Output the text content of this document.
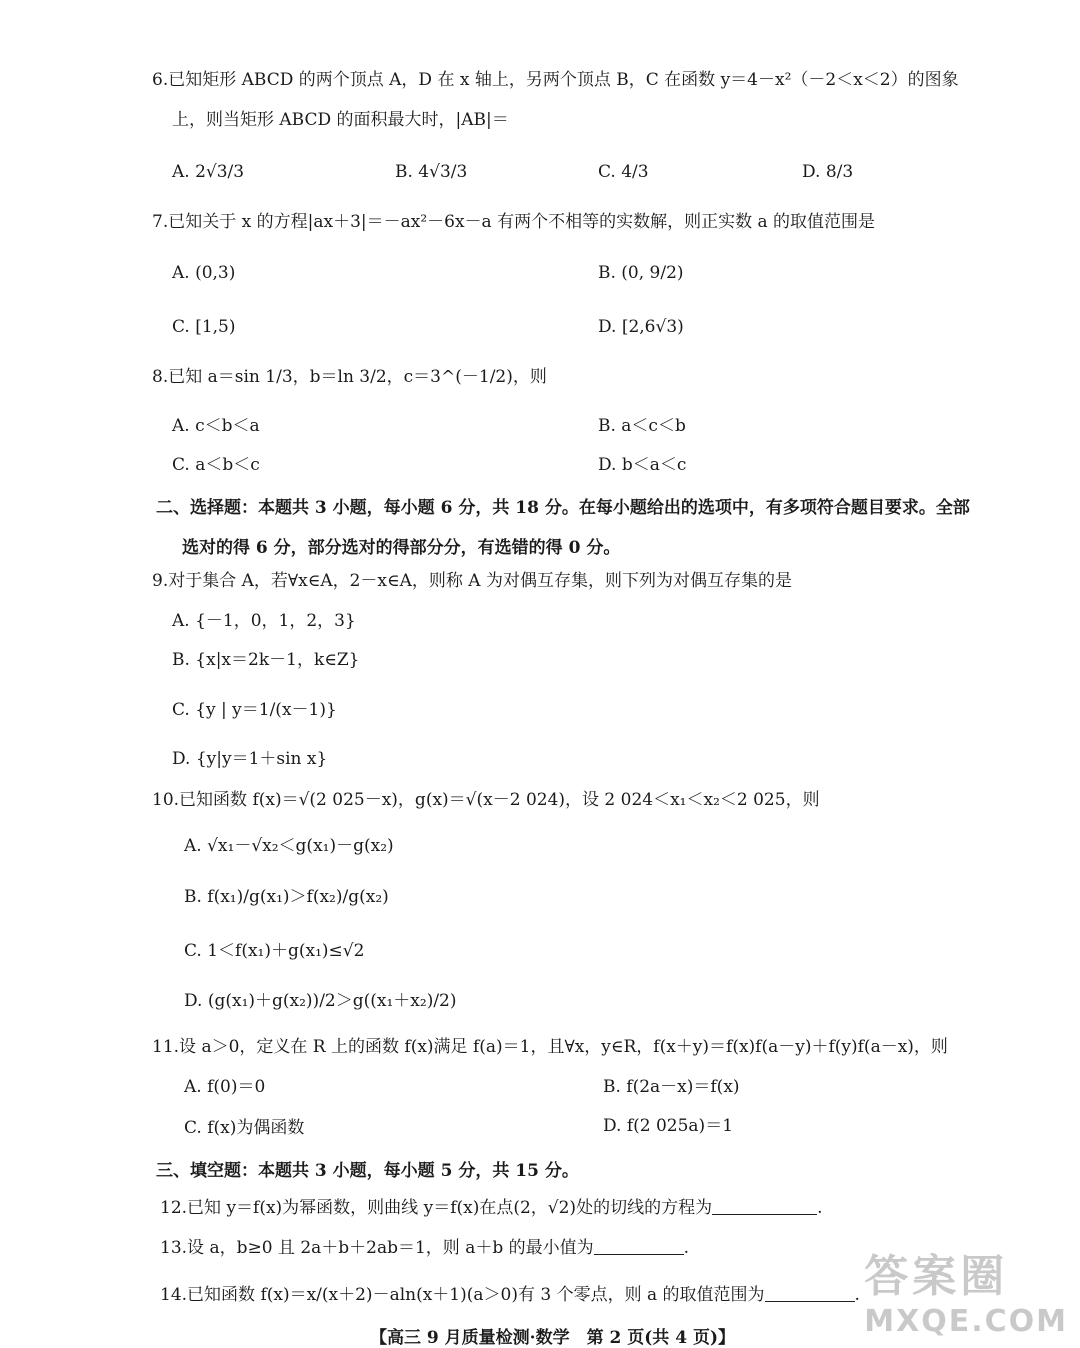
6.已知矩形 ABCD 的两个顶点 A，D 在 x 轴上，另两个顶点 B，C 在函数 y＝4－x²（－2＜x＜2）的图象
上，则当矩形 ABCD 的面积最大时，|AB|＝
A. 2√3/3	B. 4√3/3	C. 4/3	D. 8/3
7.已知关于 x 的方程|ax＋3|＝－ax²－6x－a 有两个不相等的实数解，则正实数 a 的取值范围是
A. (0,3)	B. (0, 9/2)
C. [1,5)	D. [2,6√3)
8.已知 a＝sin 1/3，b＝ln 3/2，c＝3^(－1/2)，则
A. c＜b＜a	B. a＜c＜b
C. a＜b＜c	D. b＜a＜c
二、选择题：本题共 3 小题，每小题 6 分，共 18 分。在每小题给出的选项中，有多项符合题目要求。全部
选对的得 6 分，部分选对的得部分分，有选错的得 0 分。
9.对于集合 A，若∀x∈A，2－x∈A，则称 A 为对偶互存集，则下列为对偶互存集的是
A. {－1，0，1，2，3}
B. {x|x＝2k－1，k∈Z}
C. {y | y＝1/(x－1)}
D. {y|y＝1＋sin x}
10.已知函数 f(x)＝√(2 025－x)，g(x)＝√(x－2 024)，设 2 024＜x₁＜x₂＜2 025，则
A. √x₁－√x₂＜g(x₁)－g(x₂)
B. f(x₁)/g(x₁)＞f(x₂)/g(x₂)
C. 1＜f(x₁)＋g(x₁)≤√2
D. (g(x₁)＋g(x₂))/2＞g((x₁＋x₂)/2)
11.设 a＞0，定义在 R 上的函数 f(x)满足 f(a)＝1，且∀x，y∈R，f(x＋y)＝f(x)f(a－y)＋f(y)f(a－x)，则
A. f(0)＝0	B. f(2a－x)＝f(x)
C. f(x)为偶函数	D. f(2 025a)＝1
三、填空题：本题共 3 小题，每小题 5 分，共 15 分。
12.已知 y＝f(x)为幂函数，则曲线 y＝f(x)在点(2，√2)处的切线的方程为	.
13.设 a，b≥0 且 2a＋b＋2ab＝1，则 a＋b 的最小值为	.
14.已知函数 f(x)＝x/(x＋2)－aln(x＋1)(a＞0)有 3 个零点，则 a 的取值范围为	.
【高三 9 月质量检测·数学　第 2 页(共 4 页)】
答案圈
MXQE.COM
